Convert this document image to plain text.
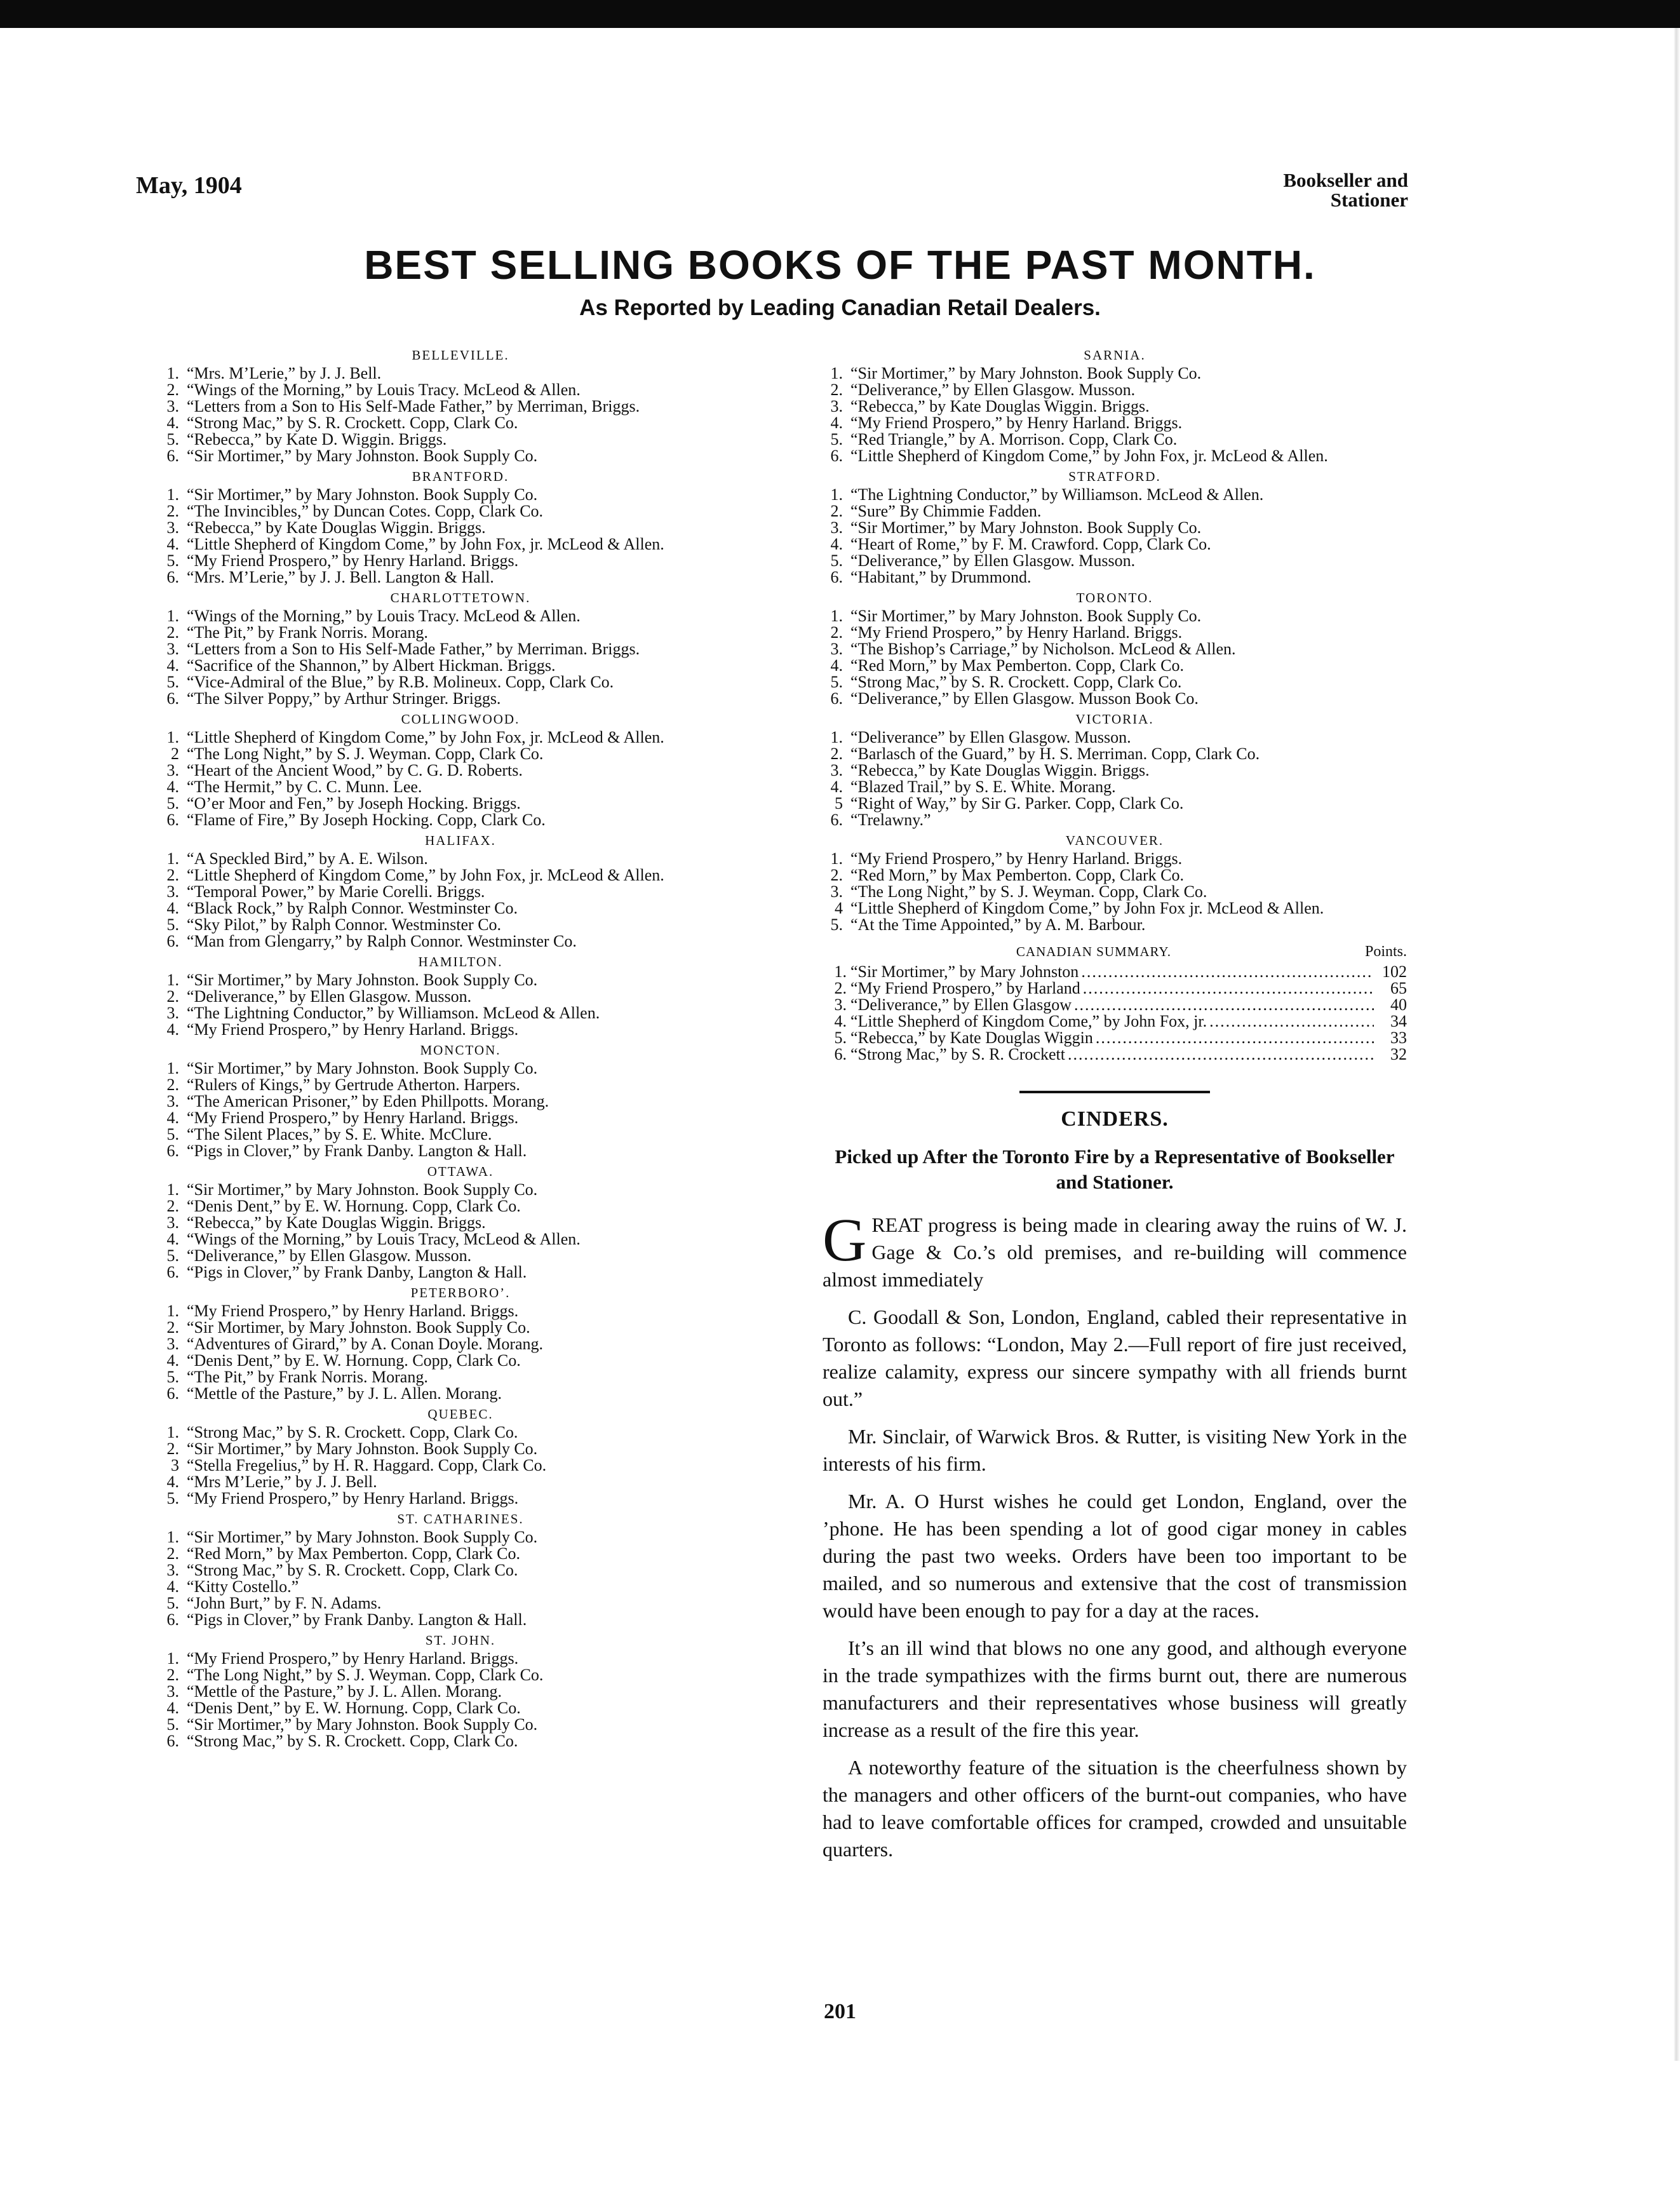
May, 1904	Bookseller and
Stationer
BEST SELLING BOOKS OF THE PAST MONTH.
As Reported by Leading Canadian Retail Dealers.
BELLEVILLE.
1. “Mrs. M’Lerie,” by J. J. Bell.
2. “Wings of the Morning,” by Louis Tracy. McLeod & Allen.
3. “Letters from a Son to His Self-Made Father,” by Merriman, Briggs.
4. “Strong Mac,” by S. R. Crockett. Copp, Clark Co.
5. “Rebecca,” by Kate D. Wiggin. Briggs.
6. “Sir Mortimer,” by Mary Johnston. Book Supply Co.
BRANTFORD.
1. “Sir Mortimer,” by Mary Johnston. Book Supply Co.
2. “The Invincibles,” by Duncan Cotes. Copp, Clark Co.
3. “Rebecca,” by Kate Douglas Wiggin. Briggs.
4. “Little Shepherd of Kingdom Come,” by John Fox, jr. McLeod & Allen.
5. “My Friend Prospero,” by Henry Harland. Briggs.
6. “Mrs. M’Lerie,” by J. J. Bell. Langton & Hall.
CHARLOTTETOWN.
1. “Wings of the Morning,” by Louis Tracy. McLeod & Allen.
2. “The Pit,” by Frank Norris. Morang.
3. “Letters from a Son to His Self-Made Father,” by Merriman. Briggs.
4. “Sacrifice of the Shannon,” by Albert Hickman. Briggs.
5. “Vice-Admiral of the Blue,” by R.B. Molineux. Copp, Clark Co.
6. “The Silver Poppy,” by Arthur Stringer. Briggs.
COLLINGWOOD.
1. “Little Shepherd of Kingdom Come,” by John Fox, jr. McLeod & Allen.
2 “The Long Night,” by S. J. Weyman. Copp, Clark Co.
3. “Heart of the Ancient Wood,” by C. G. D. Roberts.
4. “The Hermit,” by C. C. Munn. Lee.
5. “O’er Moor and Fen,” by Joseph Hocking. Briggs.
6. “Flame of Fire,” By Joseph Hocking. Copp, Clark Co.
HALIFAX.
1. “A Speckled Bird,” by A. E. Wilson.
2. “Little Shepherd of Kingdom Come,” by John Fox, jr. McLeod & Allen.
3. “Temporal Power,” by Marie Corelli. Briggs.
4. “Black Rock,” by Ralph Connor. Westminster Co.
5. “Sky Pilot,” by Ralph Connor. Westminster Co.
6. “Man from Glengarry,” by Ralph Connor. Westminster Co.
HAMILTON.
1. “Sir Mortimer,” by Mary Johnston. Book Supply Co.
2. “Deliverance,” by Ellen Glasgow. Musson.
3. “The Lightning Conductor,” by Williamson. McLeod & Allen.
4. “My Friend Prospero,” by Henry Harland. Briggs.
MONCTON.
1. “Sir Mortimer,” by Mary Johnston. Book Supply Co.
2. “Rulers of Kings,” by Gertrude Atherton. Harpers.
3. “The American Prisoner,” by Eden Phillpotts. Morang.
4. “My Friend Prospero,” by Henry Harland. Briggs.
5. “The Silent Places,” by S. E. White. McClure.
6. “Pigs in Clover,” by Frank Danby. Langton & Hall.
OTTAWA.
1. “Sir Mortimer,” by Mary Johnston. Book Supply Co.
2. “Denis Dent,” by E. W. Hornung. Copp, Clark Co.
3. “Rebecca,” by Kate Douglas Wiggin. Briggs.
4. “Wings of the Morning,” by Louis Tracy, McLeod & Allen.
5. “Deliverance,” by Ellen Glasgow. Musson.
6. “Pigs in Clover,” by Frank Danby, Langton & Hall.
PETERBORO’.
1. “My Friend Prospero,” by Henry Harland. Briggs.
2. “Sir Mortimer, by Mary Johnston. Book Supply Co.
3. “Adventures of Girard,” by A. Conan Doyle. Morang.
4. “Denis Dent,” by E. W. Hornung. Copp, Clark Co.
5. “The Pit,” by Frank Norris. Morang.
6. “Mettle of the Pasture,” by J. L. Allen. Morang.
QUEBEC.
1. “Strong Mac,” by S. R. Crockett. Copp, Clark Co.
2. “Sir Mortimer,” by Mary Johnston. Book Supply Co.
3 “Stella Fregelius,” by H. R. Haggard. Copp, Clark Co.
4. “Mrs M’Lerie,” by J. J. Bell.
5. “My Friend Prospero,” by Henry Harland. Briggs.
ST. CATHARINES.
1. “Sir Mortimer,” by Mary Johnston. Book Supply Co.
2. “Red Morn,” by Max Pemberton. Copp, Clark Co.
3. “Strong Mac,” by S. R. Crockett. Copp, Clark Co.
4. “Kitty Costello.”
5. “John Burt,” by F. N. Adams.
6. “Pigs in Clover,” by Frank Danby. Langton & Hall.
ST. JOHN.
1. “My Friend Prospero,” by Henry Harland. Briggs.
2. “The Long Night,” by S. J. Weyman. Copp, Clark Co.
3. “Mettle of the Pasture,” by J. L. Allen. Morang.
4. “Denis Dent,” by E. W. Hornung. Copp, Clark Co.
5. “Sir Mortimer,” by Mary Johnston. Book Supply Co.
6. “Strong Mac,” by S. R. Crockett. Copp, Clark Co.
SARNIA.
1. “Sir Mortimer,” by Mary Johnston. Book Supply Co.
2. “Deliverance,” by Ellen Glasgow. Musson.
3. “Rebecca,” by Kate Douglas Wiggin. Briggs.
4. “My Friend Prospero,” by Henry Harland. Briggs.
5. “Red Triangle,” by A. Morrison. Copp, Clark Co.
6. “Little Shepherd of Kingdom Come,” by John Fox, jr. McLeod & Allen.
STRATFORD.
1. “The Lightning Conductor,” by Williamson. McLeod & Allen.
2. “Sure” By Chimmie Fadden.
3. “Sir Mortimer,” by Mary Johnston. Book Supply Co.
4. “Heart of Rome,” by F. M. Crawford. Copp, Clark Co.
5. “Deliverance,” by Ellen Glasgow. Musson.
6. “Habitant,” by Drummond.
TORONTO.
1. “Sir Mortimer,” by Mary Johnston. Book Supply Co.
2. “My Friend Prospero,” by Henry Harland. Briggs.
3. “The Bishop’s Carriage,” by Nicholson. McLeod & Allen.
4. “Red Morn,” by Max Pemberton. Copp, Clark Co.
5. “Strong Mac,” by S. R. Crockett. Copp, Clark Co.
6. “Deliverance,” by Ellen Glasgow. Musson Book Co.
VICTORIA.
1. “Deliverance” by Ellen Glasgow. Musson.
2. “Barlasch of the Guard,” by H. S. Merriman. Copp, Clark Co.
3. “Rebecca,” by Kate Douglas Wiggin. Briggs.
4. “Blazed Trail,” by S. E. White. Morang.
5 “Right of Way,” by Sir G. Parker. Copp, Clark Co.
6. “Trelawny.”
VANCOUVER.
1. “My Friend Prospero,” by Henry Harland. Briggs.
2. “Red Morn,” by Max Pemberton. Copp, Clark Co.
3. “The Long Night,” by S. J. Weyman. Copp, Clark Co.
4 “Little Shepherd of Kingdom Come,” by John Fox jr. McLeod & Allen.
5. “At the Time Appointed,” by A. M. Barbour.
CANADIAN SUMMARY.	Points.
1. “Sir Mortimer,” by Mary Johnston .....	102
2. “My Friend Prospero,” by Harland .....	65
3. “Deliverance,” by Ellen Glasgow .....	40
4. “Little Shepherd of Kingdom Come,” by John Fox, jr. .....	34
5. “Rebecca,” by Kate Douglas Wiggin .....	33
6. “Strong Mac,” by S. R. Crockett .....	32
CINDERS.
Picked up After the Toronto Fire by a Representative of Bookseller and Stationer.

GREAT progress is being made in clearing away the ruins of W. J. Gage & Co.’s old premises, and re-building will commence almost immediately

C. Goodall & Son, London, England, cabled their representative in Toronto as follows: “London, May 2.—Full report of fire just received, realize calamity, express our sincere sympathy with all friends burnt out.”

Mr. Sinclair, of Warwick Bros. & Rutter, is visiting New York in the interests of his firm.

Mr. A. O Hurst wishes he could get London, England, over the ’phone. He has been spending a lot of good cigar money in cables during the past two weeks. Orders have been too important to be mailed, and so numerous and extensive that the cost of transmission would have been enough to pay for a day at the races.

It’s an ill wind that blows no one any good, and although everyone in the trade sympathizes with the firms burnt out, there are numerous manufacturers and their representatives whose business will greatly increase as a result of the fire this year.

A noteworthy feature of the situation is the cheerfulness shown by the managers and other officers of the burnt-out companies, who have had to leave comfortable offices for cramped, crowded and unsuitable quarters.

201
